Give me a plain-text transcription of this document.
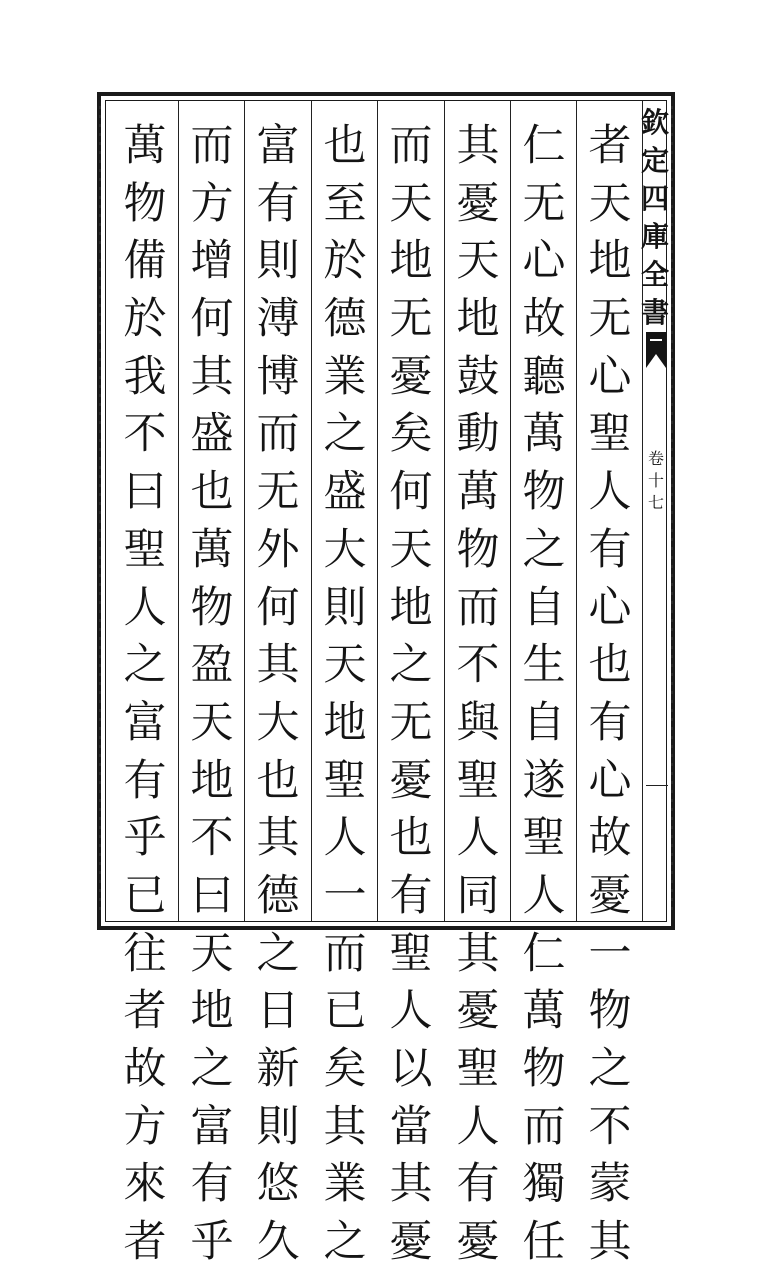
欽
定
四
庫
全
書
卷
十
七
者
天
地
无
心
聖
人
有
心
也
有
心
故
憂
一
物
之
不
蒙
其
仁
无
心
故
聽
萬
物
之
自
生
自
遂
聖
人
仁
萬
物
而
獨
任
其
憂
天
地
鼓
動
萬
物
而
不
與
聖
人
同
其
憂
聖
人
有
憂
而
天
地
无
憂
矣
何
天
地
之
无
憂
也
有
聖
人
以
當
其
憂
也
至
於
德
業
之
盛
大
則
天
地
聖
人
一
而
已
矣
其
業
之
富
有
則
溥
博
而
无
外
何
其
大
也
其
德
之
日
新
則
悠
久
而
方
增
何
其
盛
也
萬
物
盈
天
地
不
曰
天
地
之
富
有
乎
萬
物
備
於
我
不
曰
聖
人
之
富
有
乎
已
往
者
故
方
來
者
